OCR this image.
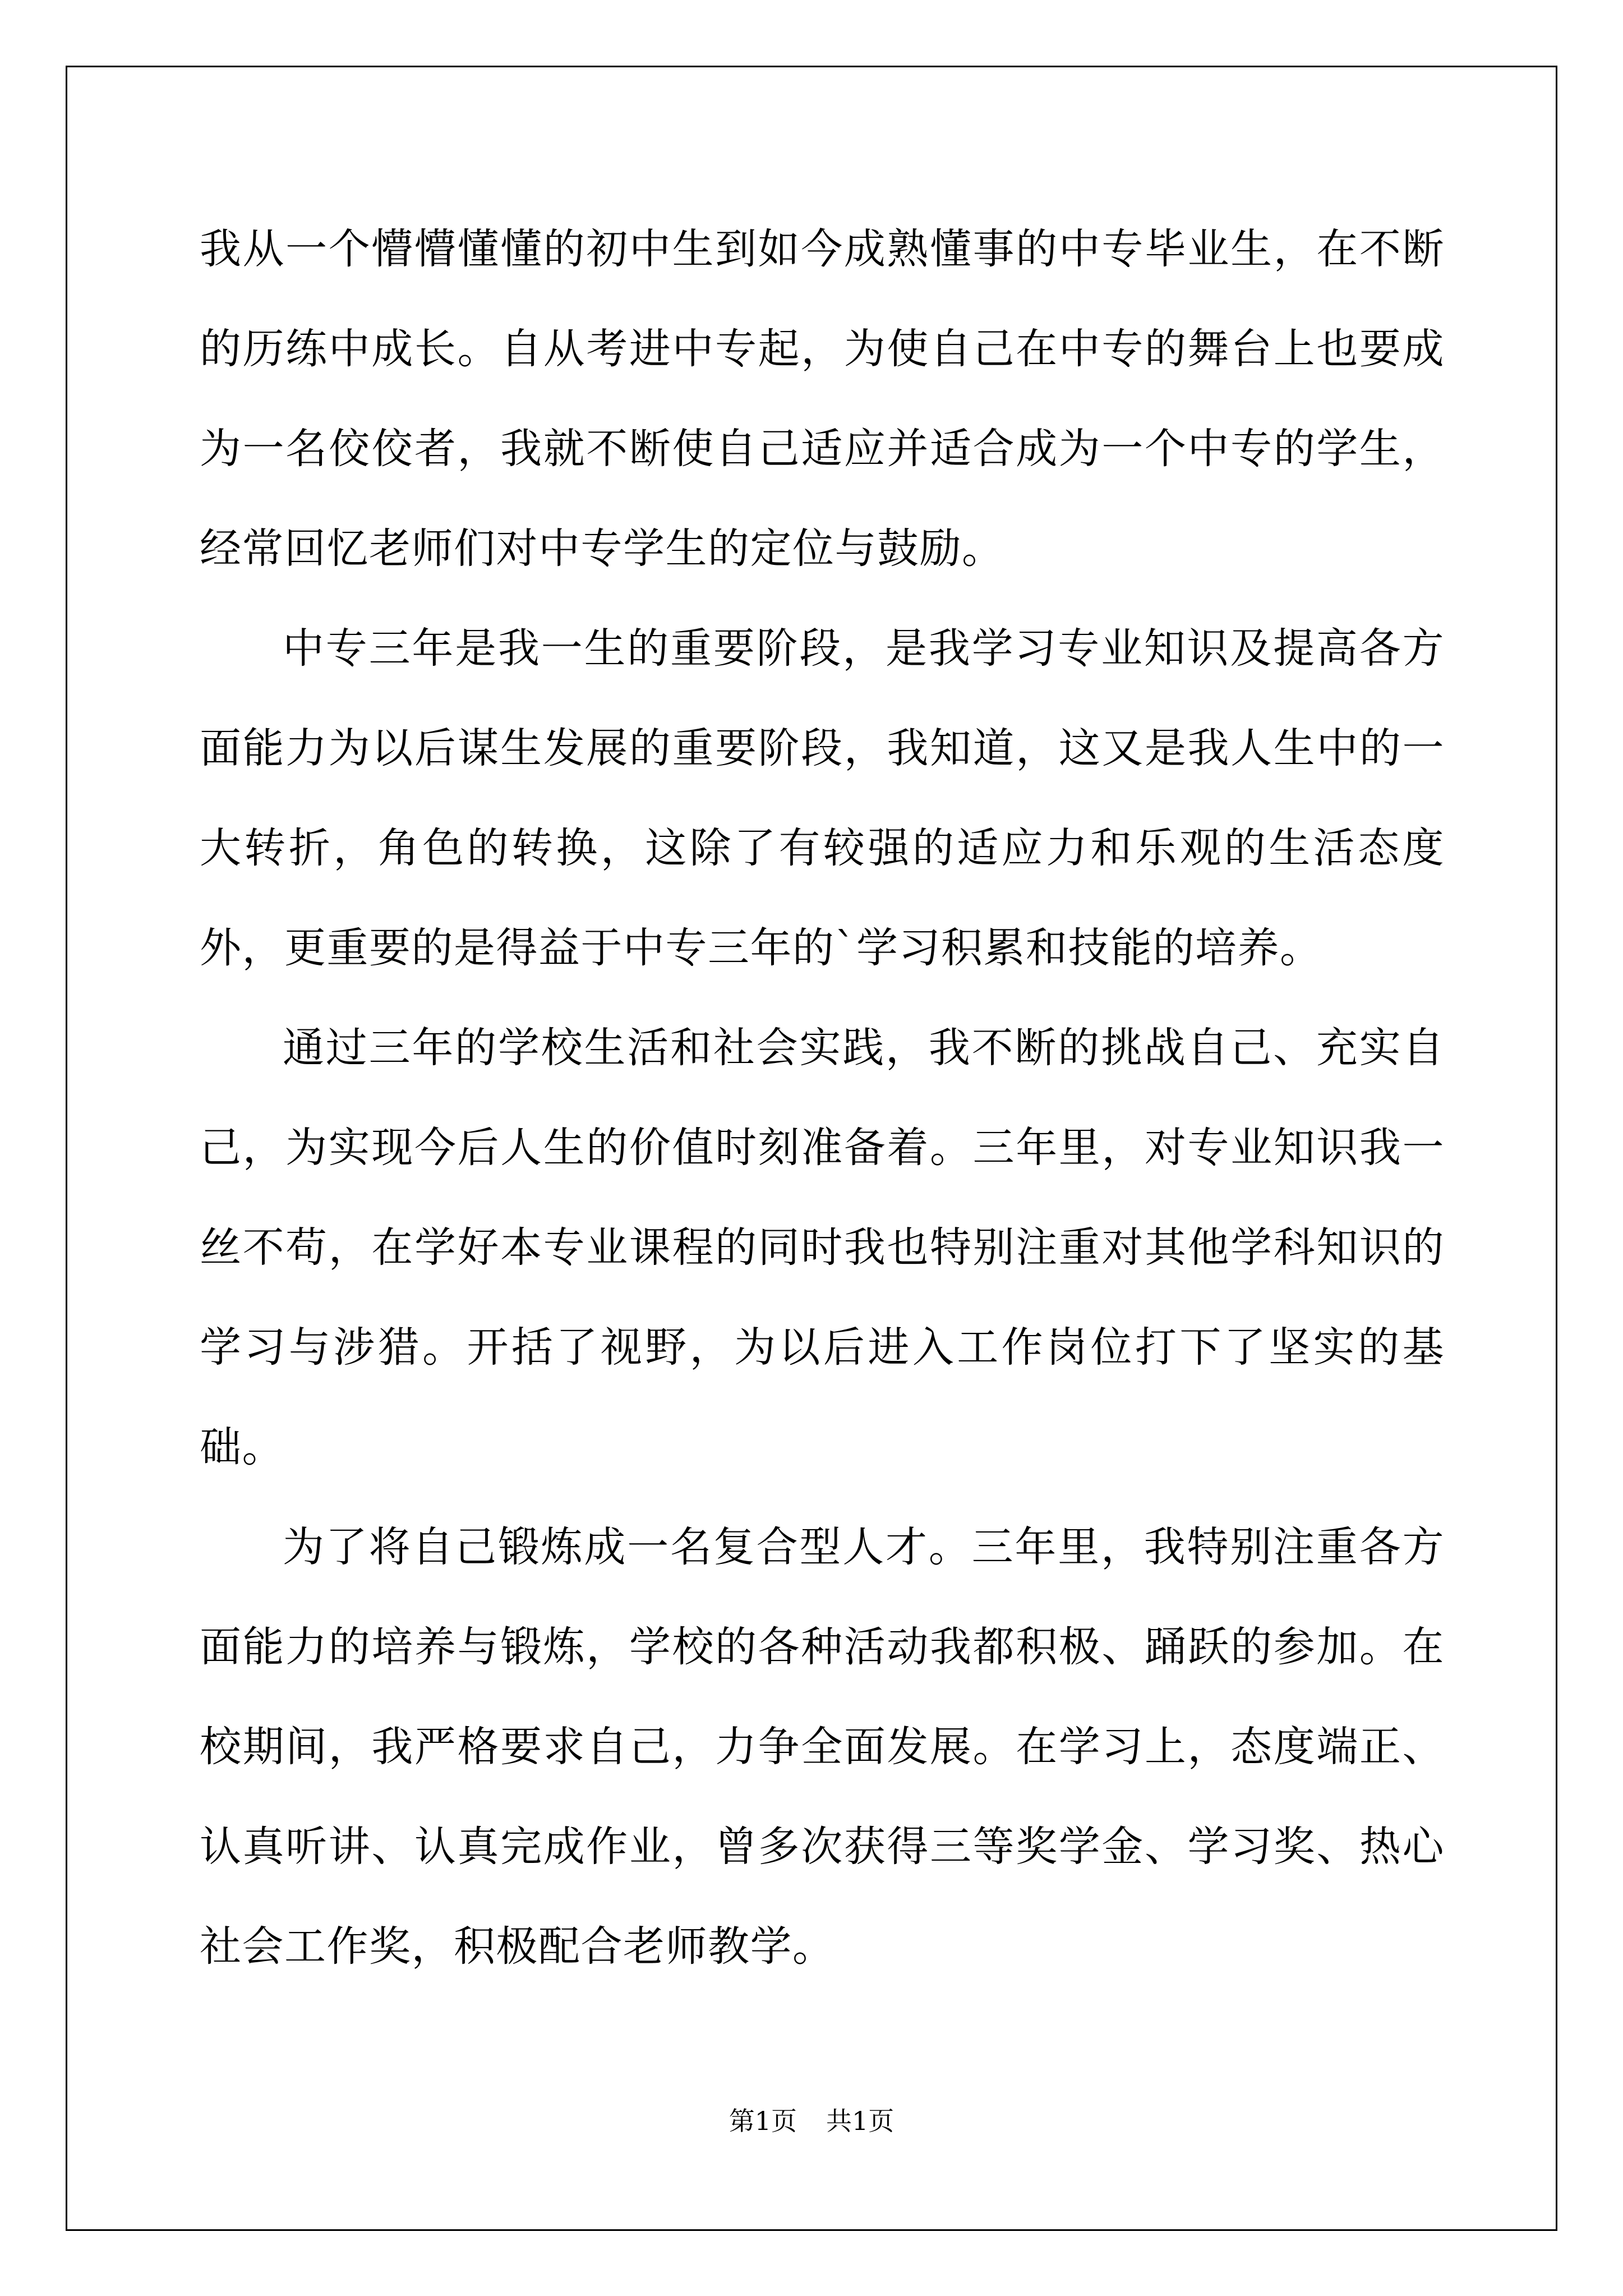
我从一个懵懵懂懂的初中生到如今成熟懂事的中专毕业生，在不断的历练中成长。自从考进中专起，为使自己在中专的舞台上也要成为一名佼佼者，我就不断使自己适应并适合成为一个中专的学生，经常回忆老师们对中专学生的定位与鼓励。

中专三年是我一生的重要阶段，是我学习专业知识及提高各方面能力为以后谋生发展的重要阶段，我知道，这又是我人生中的一大转折，角色的转换，这除了有较强的适应力和乐观的生活态度外，更重要的是得益于中专三年的`学习积累和技能的培养。

通过三年的学校生活和社会实践，我不断的挑战自己、充实自己，为实现今后人生的价值时刻准备着。三年里，对专业知识我一丝不苟，在学好本专业课程的同时我也特别注重对其他学科知识的学习与涉猎。开括了视野，为以后进入工作岗位打下了坚实的基础。

为了将自己锻炼成一名复合型人才。三年里，我特别注重各方面能力的培养与锻炼，学校的各种活动我都积极、踊跃的参加。在校期间，我严格要求自己，力争全面发展。在学习上，态度端正、认真听讲、认真完成作业，曾多次获得三等奖学金、学习奖、热心社会工作奖，积极配合老师教学。

第1页 共1页
